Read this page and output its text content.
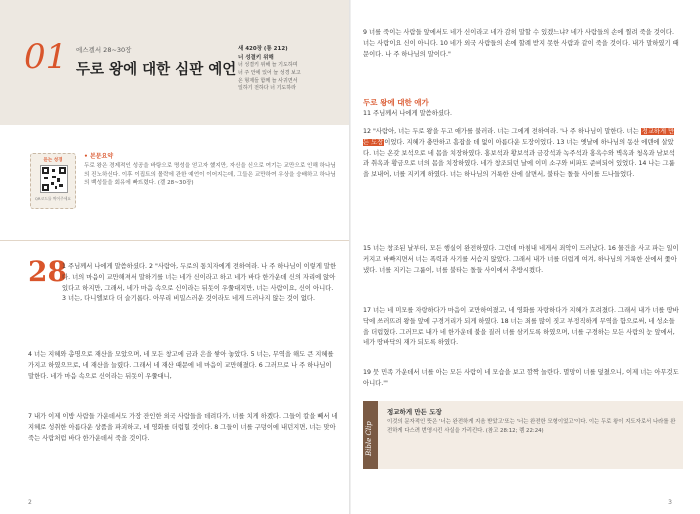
01 에스겔서 28~30장
두로 왕에 대한 심판 예언
새 420장 (통 212)
너 성결키 위해
너 성결키 위해 늘 기도하며
너 주 안에 있어 늘 성경 보고
온 형제들 함께 늘 사귀면서
일하기 전하다 너 기도하라
듣는 성경
QR코드를 찍어주세요
• 본문요약
두로 왕은 경제적인 성공을 바탕으로 명성을 얻고자 했지만, 자신을 신으로 여기는 교만으로 인해 하나님의 진노하신다. 이후 이집트의 몰락에 관한 예언이 이어지는데, 그들은 교만하여 우상을 숭배하고 하나님의 백성들을 회유에 빠뜨렸다. (겔 28~30장)
28

1 주님께서 나에게 말씀하셨다. 2 "사람아, 두로의 통치자에게 전하여라. 나 주 하나님이 이렇게 말한다. 너의 마음이 교만해져서 말하기를 너는 네가 신이라고 하고 네가 바다 한가운데 신의 자리에 앉아 있다고 하지만, 그래서, 네가 마음 속으로 신이라는 뒤돗이 우쭐대지만, 너는 사람이요, 신이 아니다. 3 너는, 다니엘보다 더 슬기롭다. 아무리 비밀스러운 것이라도 네게 드러나지 않는 것이 없다.

4 너는 지혜와 총명으로 재산을 모았으며, 네 모든 창고에 금과 은을 쌓아 놓았다. 5 너는, 무역을 해도 큰 지혜를 가지고 하였으므로, 네 재산을 늘렸다. 그래서 네 재산 때문에 네 마음이 교만해졌다. 6 그러므로 나 주 하나님이 말한다. 네가 마음 속으로 신이라는 뒤돗이 우쭐대니,

7 내가 이제 이방 사람들 가운데서도 가장 잔인한 외국 사람들을 데려다가, 너를 치게 하겠다. 그들이 칼을 빼서 네 지혜로 성취한 아름다운 상품을 파괴하고, 네 영화를 더럽힐 것이다. 8 그들이 너를 구덩이에 내던지면, 너는 맞아 죽는 사람처럼 바다 한가운데서 죽을 것이다.

2

9 너를 죽이는 사람들 앞에서도 네가 신이라고 네가 감히 말할 수 있겠느냐? 네가 사람들의 손에 찔려 죽을 것이다. 너는 사람이요 신이 아니다. 10 네가 외국 사람들의 손에 할례 받지 못한 사람과 같이 죽을 것이다. 내가 말하였기 때문이다. 나 주 하나님의 말이다."

두로 왕에 대한 애가

11 주님께서 나에게 말씀하셨다.

12 "사람아, 너는 두로 왕을 두고 애가를 불러라. 너는 그에게 전하여라. '나 주 하나님이 말한다. 너는 정교하게 만든 도장이었다. 지혜가 충만하고 흠잡을 데 없이 아름다운 도장이었다. 13 너는 옛날에 하나님의 동산 에덴에 살았다. 너는 온갖 보석으로 네 몸을 치장하였다. 홍보석과 황보석과 금강석과 녹주석과 홍옥수와 벽옥과 청옥과 남보석과 취옥과 황금으로 너의 몸을 치장하였다. 네가 창조되던 날에 이미 소구와 비파도 준비되어 있었다. 14 나는 그룹을 보내어, 너를 지키게 하였다. 너는 하나님의 거룩한 산에 살면서, 불타는 돌들 사이를 드나들었다.

15 너는 창조된 날부터, 모든 행실이 완전하였다. 그런데 마침내 네게서 죄악이 드러났다. 16 물건을 사고 파는 일이 커지고 바빠지면서 너는 폭력과 사기를 서슴지 않았다. 그래서 내가 너를 더럽게 여겨, 하나님의 거룩한 산에서 쫓아냈다. 너를 지키는 그룹이, 너를 불타는 돌들 사이에서 추방시켰다.

17 너는 네 미모를 자랑하다가 마음이 교만하여졌고, 네 영화를 자랑하다가 지혜가 흐려졌다. 그래서 내가 너를 땅바닥에 쓰러뜨려 왕들 앞에 구경거리가 되게 하였다. 18 너는 죄를 많이 짓고 부정직하게 무역을 함으로써, 네 성소들을 더럽혔다. 그러므로 내가 네 한가운데 불을 질러 너를 삼키도록 하였으며, 너를 구경하는 모든 사람의 눈 앞에서, 네가 땅바닥의 재가 되도록 하였다.

19 뭇 민족 가운데서 너를 아는 모든 사람이 네 모습을 보고 깜짝 놀란다. 멸망이 너를 덮쳤으니, 이제 너는 아무것도 아니다.'"

Bible Clip
정교하게 만든 도장
이것의 문자적인 뜻은 '너는 완전하게 지음 받았고'또는 '너는 완전한 모형이었고'이다. 이는 두로 왕이 지도자로서 나라를 완전하게 다스려 번영시킨 사실을 가리킨다. (참고 28:12; 렘 22:24)
3
